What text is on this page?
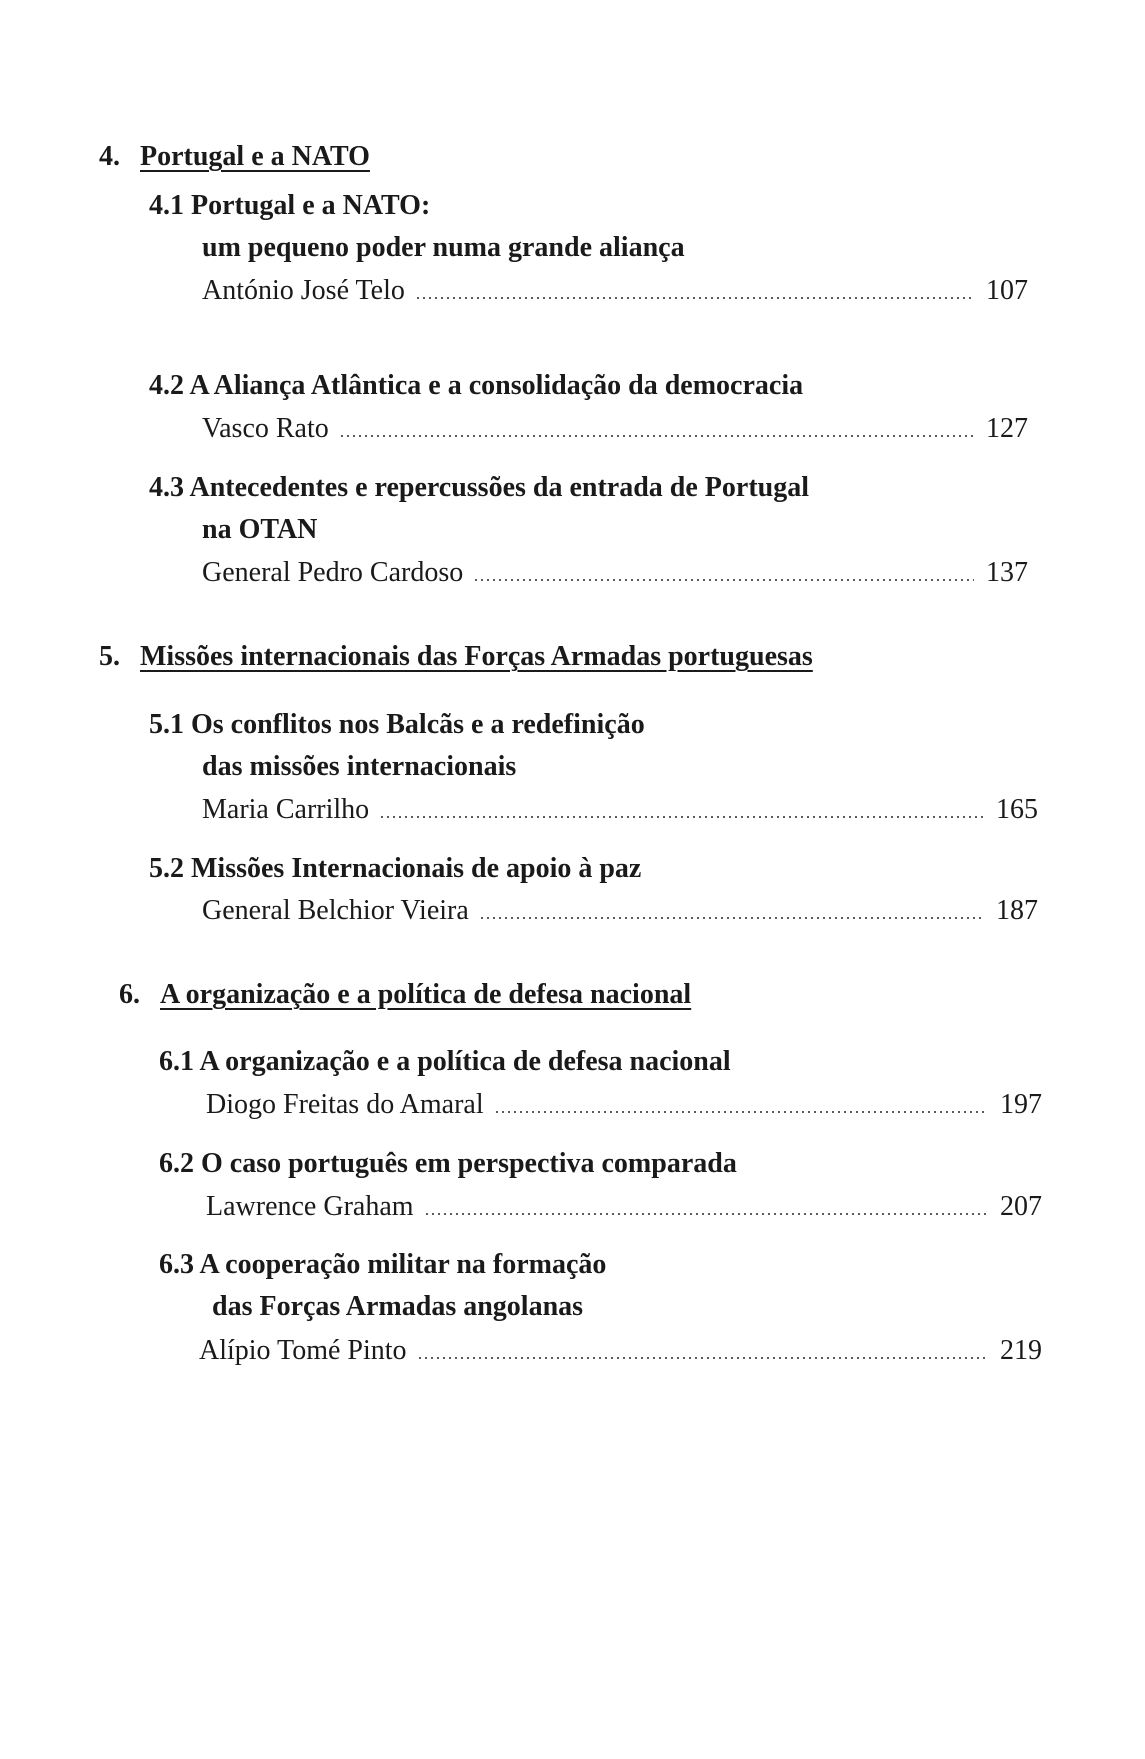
4. Portugal e a NATO
4.1 Portugal e a NATO:
um pequeno poder numa grande aliança
António José Telo	107
4.2 A Aliança Atlântica e a consolidação da democracia
Vasco Rato	127
4.3 Antecedentes e repercussões da entrada de Portugal
na OTAN
General Pedro Cardoso	137
5. Missões internacionais das Forças Armadas portuguesas
5.1 Os conflitos nos Balcãs e a redefinição
das missões internacionais
Maria Carrilho	165
5.2 Missões Internacionais de apoio à paz
General Belchior Vieira	187
6. A organização e a política de defesa nacional
6.1 A organização e a política de defesa nacional
Diogo Freitas do Amaral	197
6.2 O caso português em perspectiva comparada
Lawrence Graham	207
6.3 A cooperação militar na formação
das Forças Armadas angolanas
Alípio Tomé Pinto	219
